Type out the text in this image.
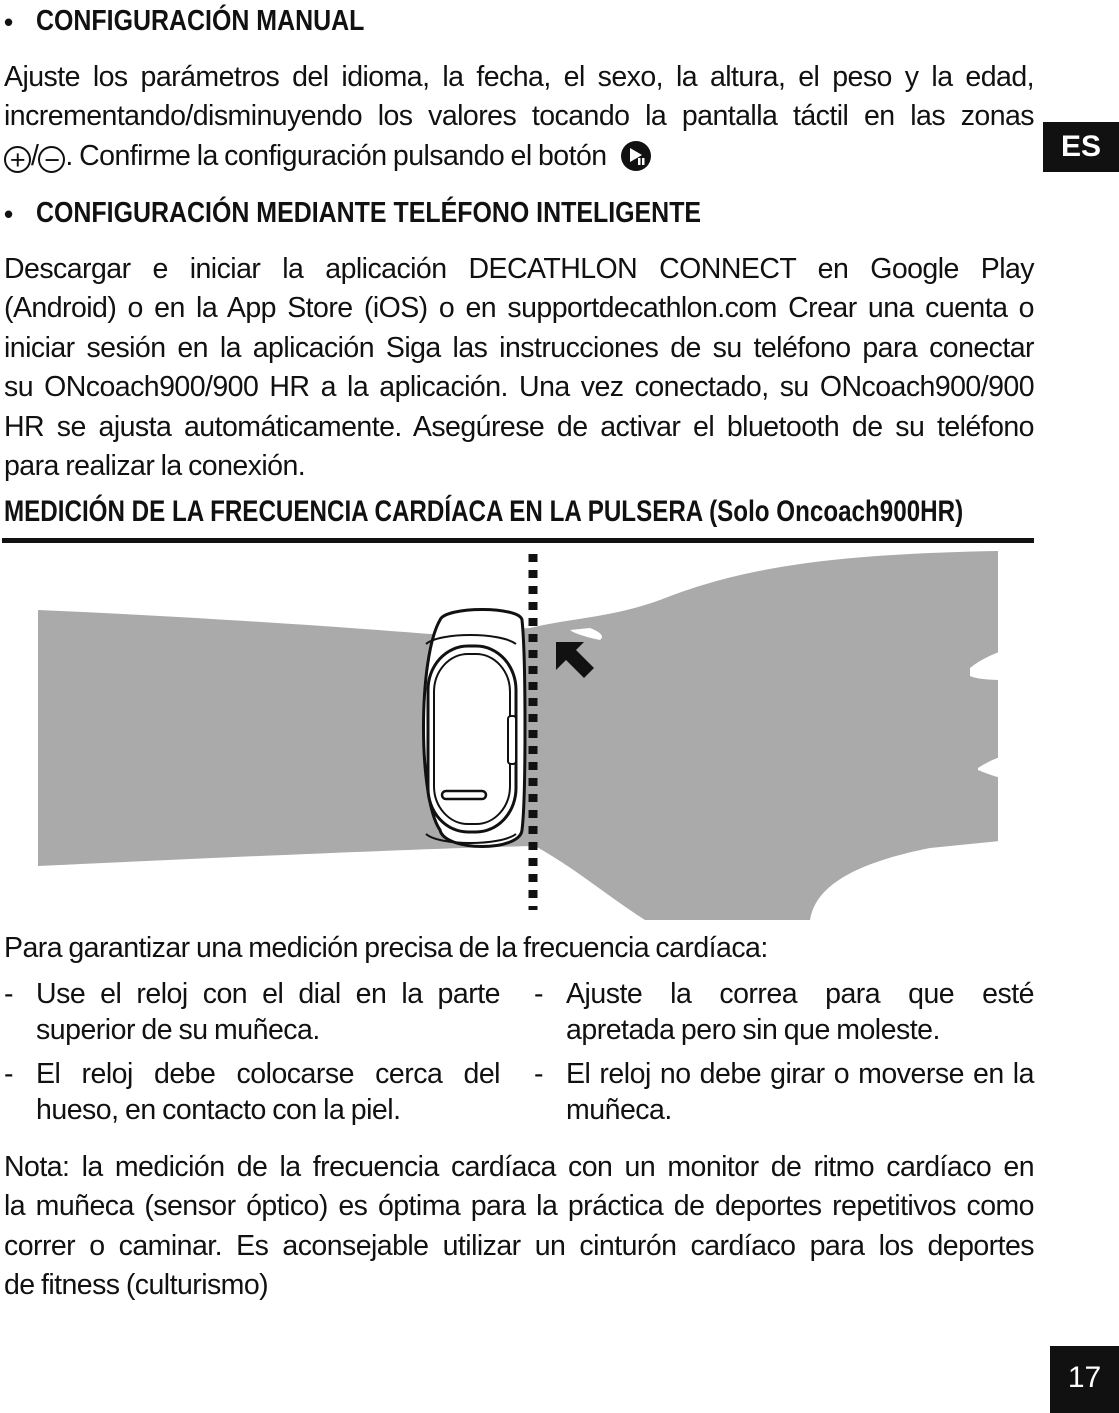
• CONFIGURACIÓN MANUAL
Ajuste los parámetros del idioma, la fecha, el sexo, la altura, el peso y la edad,
incrementando/disminuyendo los valores tocando la pantalla táctil en las zonas
+ / − . Confirme la configuración pulsando el botón	ES
• CONFIGURACIÓN MEDIANTE TELÉFONO INTELIGENTE
Descargar e iniciar la aplicación DECATHLON CONNECT en Google Play
(Android) o en la App Store (iOS) o en supportdecathlon.com Crear una cuenta o
iniciar sesión en la aplicación Siga las instrucciones de su teléfono para conectar
su ONcoach900/900 HR a la aplicación. Una vez conectado, su ONcoach900/900
HR se ajusta automáticamente. Asegúrese de activar el bluetooth de su teléfono
para realizar la conexión.
MEDICIÓN DE LA FRECUENCIA CARDÍACA EN LA PULSERA (Solo Oncoach900HR)
Para garantizar una medición precisa de la frecuencia cardíaca:
- Use el reloj con el dial en la parte superior de su muñeca.
- El reloj debe colocarse cerca del hueso, en contacto con la piel.
- Ajuste la correa para que esté apretada pero sin que moleste.
- El reloj no debe girar o moverse en la muñeca.
Nota: la medición de la frecuencia cardíaca con un monitor de ritmo cardíaco en
la muñeca (sensor óptico) es óptima para la práctica de deportes repetitivos como
correr o caminar. Es aconsejable utilizar un cinturón cardíaco para los deportes
de fitness (culturismo)
17
